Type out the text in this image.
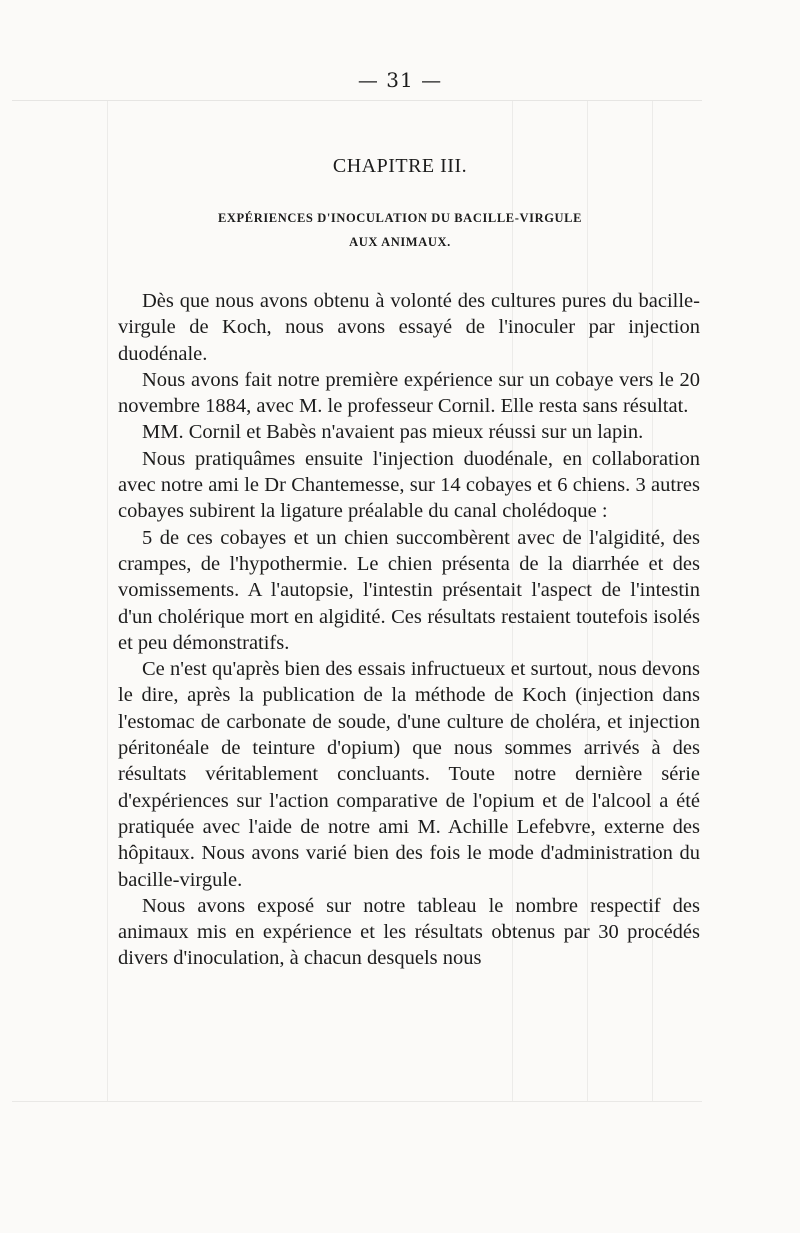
— 31 —
CHAPITRE III.
EXPÉRIENCES D'INOCULATION DU BACILLE-VIRGULE
AUX ANIMAUX.

Dès que nous avons obtenu à volonté des cultures pures du bacille-virgule de Koch, nous avons essayé de l'inoculer par injection duodénale.

Nous avons fait notre première expérience sur un cobaye vers le 20 novembre 1884, avec M. le professeur Cornil. Elle resta sans résultat.

MM. Cornil et Babès n'avaient pas mieux réussi sur un lapin.

Nous pratiquâmes ensuite l'injection duodénale, en collaboration avec notre ami le Dr Chantemesse, sur 14 cobayes et 6 chiens. 3 autres cobayes subirent la ligature préalable du canal cholédoque :

5 de ces cobayes et un chien succombèrent avec de l'algidité, des crampes, de l'hypothermie. Le chien présenta de la diarrhée et des vomissements. A l'autopsie, l'intestin présentait l'aspect de l'intestin d'un cholérique mort en algidité. Ces résultats restaient toutefois isolés et peu démonstratifs.

Ce n'est qu'après bien des essais infructueux et surtout, nous devons le dire, après la publication de la méthode de Koch (injection dans l'estomac de carbonate de soude, d'une culture de choléra, et injection péritonéale de teinture d'opium) que nous sommes arrivés à des résultats véritablement concluants. Toute notre dernière série d'expériences sur l'action comparative de l'opium et de l'alcool a été pratiquée avec l'aide de notre ami M. Achille Lefebvre, externe des hôpitaux. Nous avons varié bien des fois le mode d'administration du bacille-virgule.

Nous avons exposé sur notre tableau le nombre respectif des animaux mis en expérience et les résultats obtenus par 30 procédés divers d'inoculation, à chacun desquels nous
